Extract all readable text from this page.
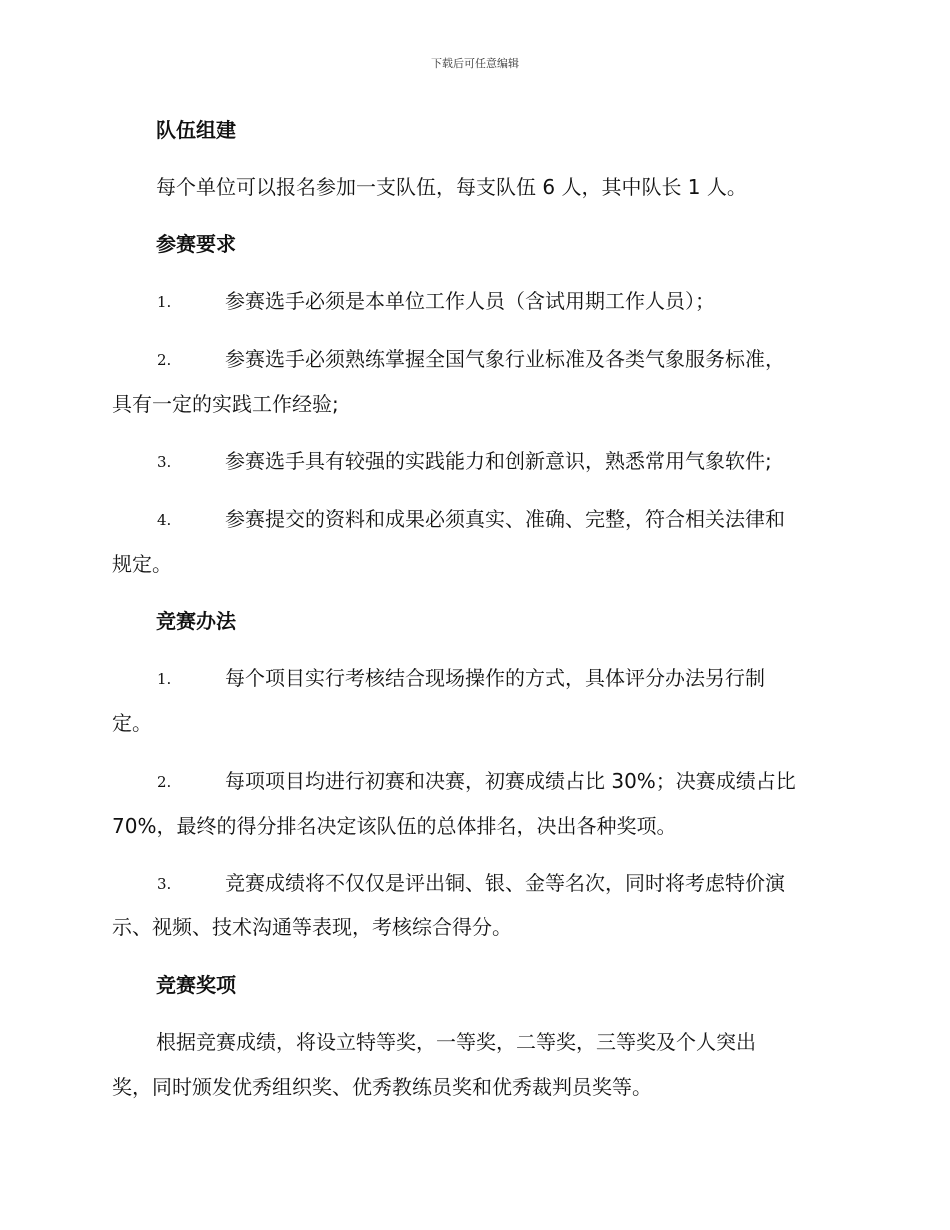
下载后可任意编辑
队伍组建
每个单位可以报名参加一支队伍，每支队伍 6 人，其中队长 1 人。
参赛要求
1.	参赛选手必须是本单位工作人员（含试用期工作人员）；
2.	参赛选手必须熟练掌握全国气象行业标准及各类气象服务标准，
具有一定的实践工作经验;
3.	参赛选手具有较强的实践能力和创新意识，熟悉常用气象软件;
4.	参赛提交的资料和成果必须真实、准确、完整，符合相关法律和
规定。
竞赛办法
1.	每个项目实行考核结合现场操作的方式，具体评分办法另行制
定。
2.	每项项目均进行初赛和决赛，初赛成绩占比 30%；决赛成绩占比
70%，最终的得分排名决定该队伍的总体排名，决出各种奖项。
3.	竞赛成绩将不仅仅是评出铜、银、金等名次，同时将考虑特价演
示、视频、技术沟通等表现，考核综合得分。
竞赛奖项
根据竞赛成绩，将设立特等奖，一等奖，二等奖，三等奖及个人突出
奖，同时颁发优秀组织奖、优秀教练员奖和优秀裁判员奖等。
